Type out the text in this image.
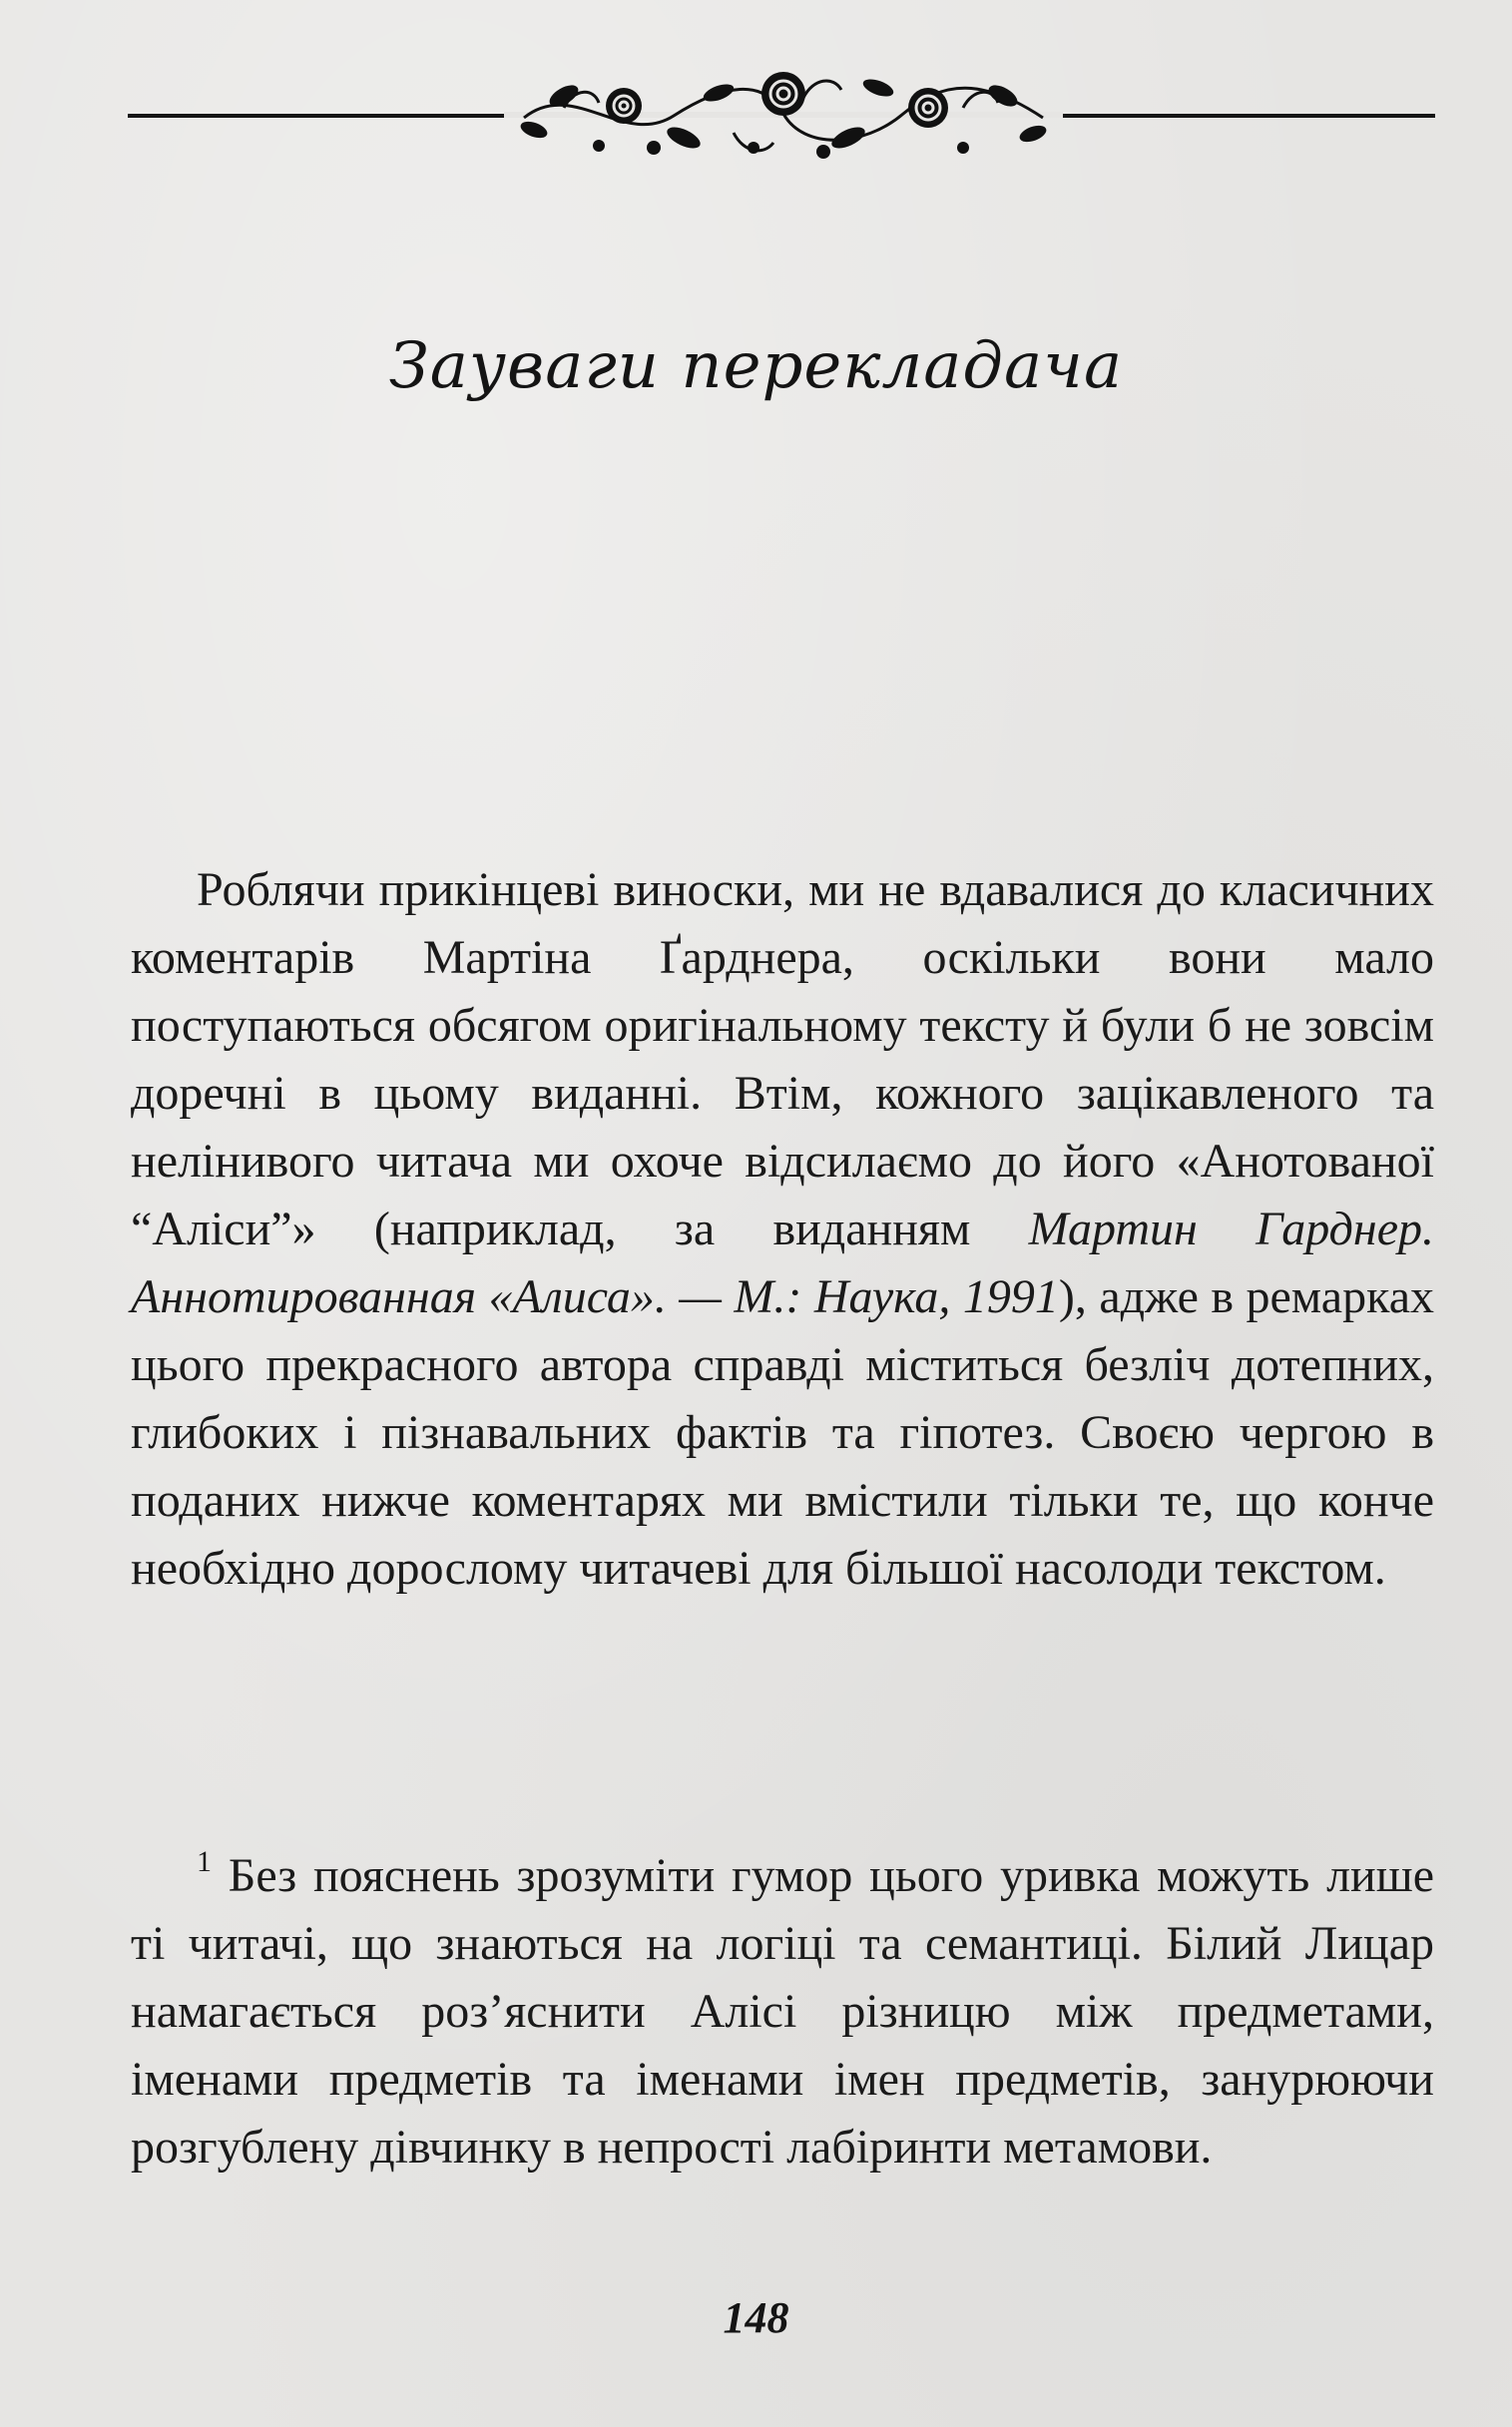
Зауваги перекладача

Роблячи прикінцеві виноски, ми не вдавалися до класичних коментарів Мартіна Ґарднера, оскільки вони мало поступаються обсягом оригінальному тексту й були б не зовсім доречні в цьому виданні. Втім, кожного зацікавленого та нелінивого читача ми охоче відсилаємо до його «Анотованої “Аліси”» (наприклад, за виданням Мартин Гарднер. Аннотированная «Алиса». — М.: Наука, 1991), адже в ремарках цього прекрасного автора справді міститься безліч дотепних, глибоких і пізнавальних фактів та гіпотез. Своєю чергою в поданих нижче коментарях ми вмістили тільки те, що конче необхідно дорослому читачеві для більшої насолоди текстом.

$^1$ Без пояснень зрозуміти гумор цього уривка можуть лише ті читачі, що знаються на логіці та семантиці. Білий Лицар намагається роз’яснити Алісі різницю між предметами, іменами предметів та іменами імен предметів, занурюючи розгублену дівчинку в непрості лабіринти метамови.

148
